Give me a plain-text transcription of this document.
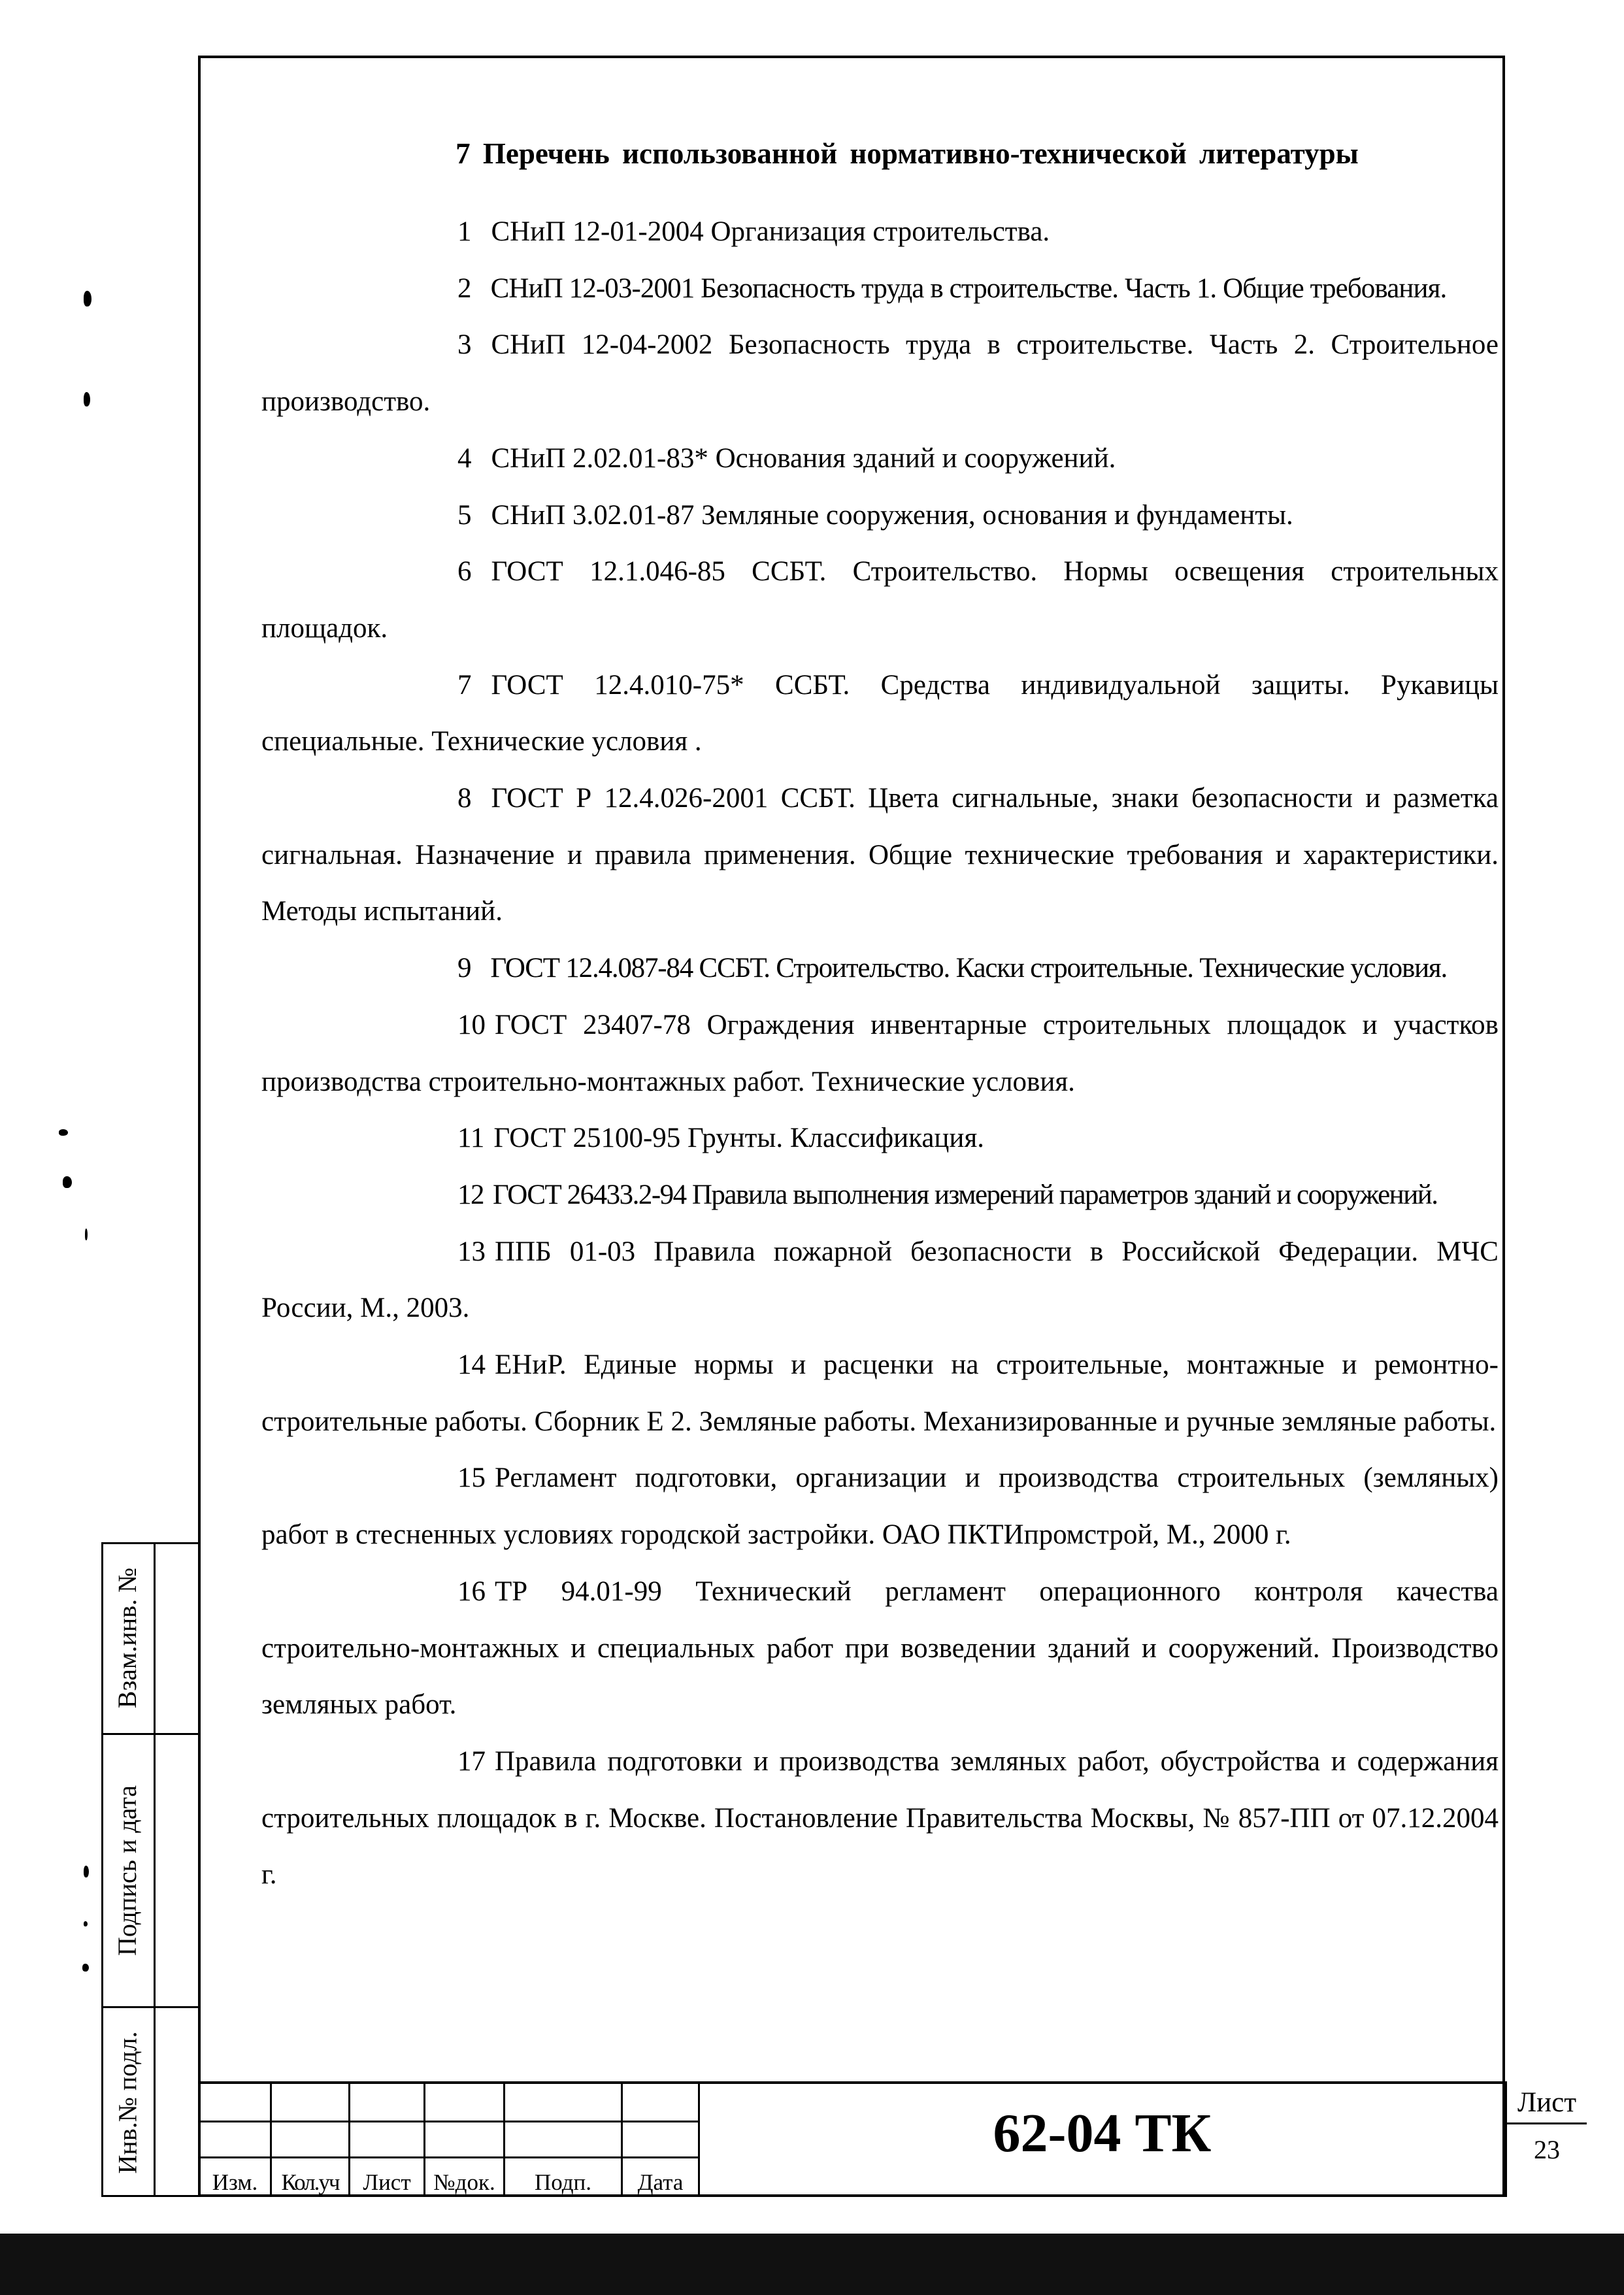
7 Перечень использованной нормативно-технической литературы

1 СНиП 12-01-2004 Организация строительства.

2 СНиП 12-03-2001 Безопасность труда в строительстве. Часть 1. Общие требования.

3 СНиП 12-04-2002 Безопасность труда в строительстве. Часть 2. Строительное производство.

4 СНиП 2.02.01-83* Основания зданий и сооружений.

5 СНиП 3.02.01-87 Земляные сооружения, основания и фундаменты.

6 ГОСТ 12.1.046-85 ССБТ. Строительство. Нормы освещения строительных площадок.

7 ГОСТ 12.4.010-75* ССБТ. Средства индивидуальной защиты. Рукавицы специальные. Технические условия .

8 ГОСТ Р 12.4.026-2001 ССБТ. Цвета сигнальные, знаки безопасности и разметка сигнальная. Назначение и правила применения. Общие технические требования и характеристики. Методы испытаний.

9 ГОСТ 12.4.087-84 ССБТ. Строительство. Каски строительные. Технические условия.

10 ГОСТ 23407-78 Ограждения инвентарные строительных площадок и участков производства строительно-монтажных работ. Технические условия.

11 ГОСТ 25100-95 Грунты. Классификация.

12 ГОСТ 26433.2-94 Правила выполнения измерений параметров зданий и сооружений.

13 ППБ 01-03 Правила пожарной безопасности в Российской Федерации. МЧС России, М., 2003.

14 ЕНиР. Единые нормы и расценки на строительные, монтажные и ремонтно-строительные работы. Сборник Е 2. Земляные работы. Механизированные и ручные земляные работы.

15 Регламент подготовки, организации и производства строительных (земляных) работ в стесненных условиях городской застройки. ОАО ПКТИпромстрой, М., 2000 г.

16 ТР 94.01-99 Технический регламент операционного контроля качества строительно-монтажных и специальных работ при возведении зданий и сооружений. Производство земляных работ.

17 Правила подготовки и производства земляных работ, обустройства и содержания строительных площадок в г. Москве. Постановление Правительства Москвы, № 857-ПП от 07.12.2004 г.

Взам.инв. №
Подпись и дата
Инв.№ подл.
Изм.	Кол.уч	Лист №док.	Подп.	Дата
62-04 ТК
Лист
23
